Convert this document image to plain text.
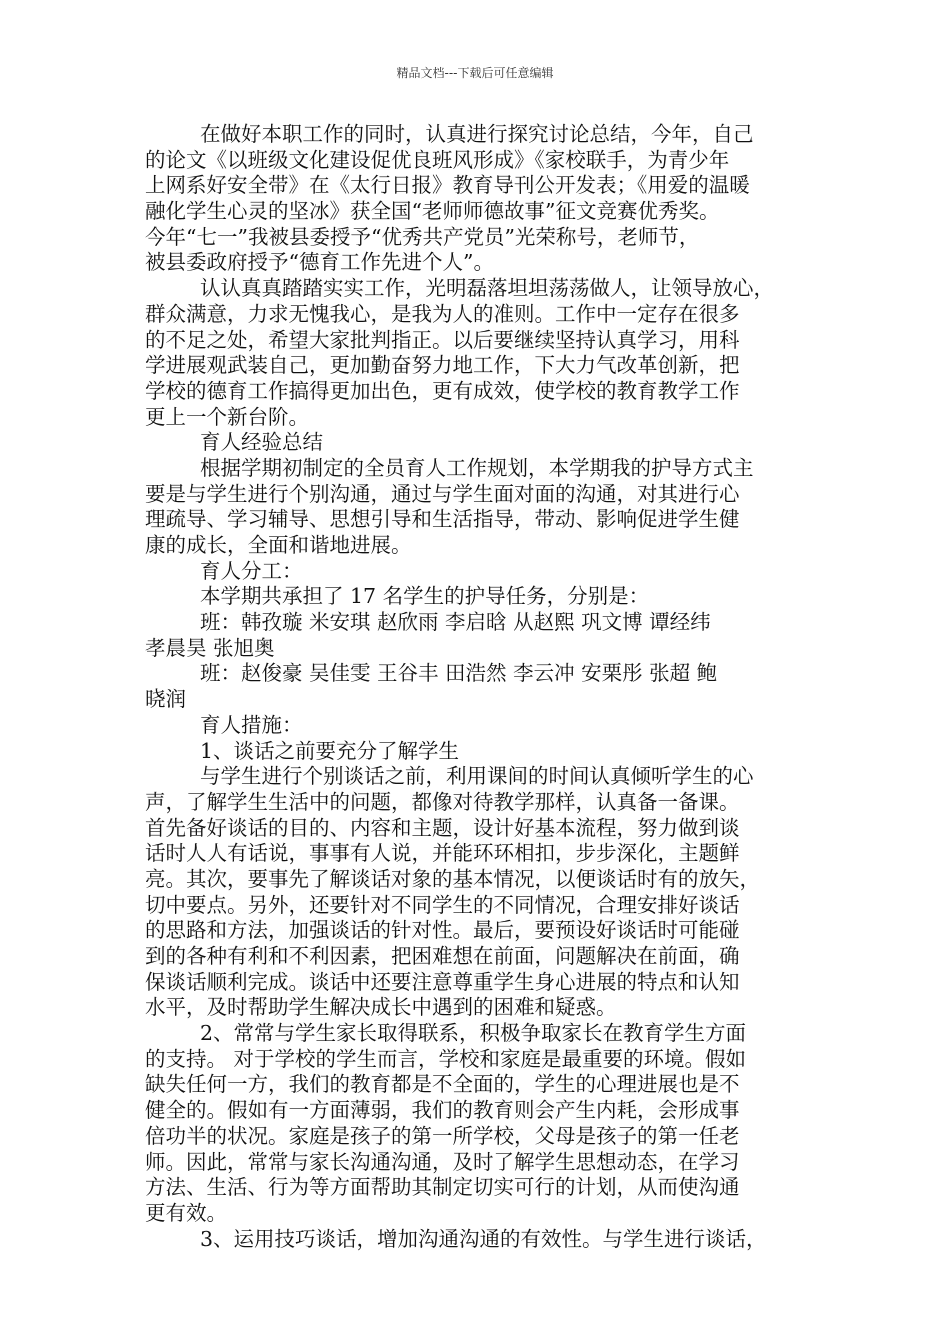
精品文档---下载后可任意编辑
在做好本职工作的同时，认真进行探究讨论总结，今年，自己
的论文《以班级文化建设促优良班风形成》《家校联手，为青少年
上网系好安全带》在《太行日报》教育导刊公开发表；《用爱的温暖
融化学生心灵的坚冰》获全国“老师师德故事”征文竞赛优秀奖。
今年“七一”我被县委授予“优秀共产党员”光荣称号，老师节，
被县委政府授予“德育工作先进个人”。
认认真真踏踏实实工作，光明磊落坦坦荡荡做人，让领导放心，
群众满意，力求无愧我心，是我为人的准则。工作中一定存在很多
的不足之处，希望大家批判指正。以后要继续坚持认真学习，用科
学进展观武装自己，更加勤奋努力地工作，下大力气改革创新，把
学校的德育工作搞得更加出色，更有成效，使学校的教育教学工作
更上一个新台阶。
育人经验总结
根据学期初制定的全员育人工作规划，本学期我的护导方式主
要是与学生进行个别沟通，通过与学生面对面的沟通，对其进行心
理疏导、学习辅导、思想引导和生活指导，带动、影响促进学生健
康的成长，全面和谐地进展。
育人分工：
本学期共承担了 17 名学生的护导任务，分别是：
班：韩孜璇 米安琪 赵欣雨 李启晗 从赵熙 巩文博 谭经纬
孝晨昊 张旭奥
班：赵俊豪 吴佳雯 王谷丰 田浩然 李云冲 安栗彤 张超 鲍
晓润
育人措施：
1、谈话之前要充分了解学生
与学生进行个别谈话之前，利用课间的时间认真倾听学生的心
声，了解学生生活中的问题，都像对待教学那样，认真备一备课。
首先备好谈话的目的、内容和主题，设计好基本流程，努力做到谈
话时人人有话说，事事有人说，并能环环相扣，步步深化，主题鲜
亮。其次，要事先了解谈话对象的基本情况，以便谈话时有的放矢，
切中要点。另外，还要针对不同学生的不同情况，合理安排好谈话
的思路和方法，加强谈话的针对性。最后，要预设好谈话时可能碰
到的各种有利和不利因素，把困难想在前面，问题解决在前面，确
保谈话顺利完成。谈话中还要注意尊重学生身心进展的特点和认知
水平，及时帮助学生解决成长中遇到的困难和疑惑。
2、常常与学生家长取得联系，积极争取家长在教育学生方面
的支持。 对于学校的学生而言，学校和家庭是最重要的环境。假如
缺失任何一方，我们的教育都是不全面的，学生的心理进展也是不
健全的。假如有一方面薄弱，我们的教育则会产生内耗，会形成事
倍功半的状况。家庭是孩子的第一所学校，父母是孩子的第一任老
师。因此，常常与家长沟通沟通，及时了解学生思想动态，在学习
方法、生活、行为等方面帮助其制定切实可行的计划，从而使沟通
更有效。
3、运用技巧谈话，增加沟通沟通的有效性。与学生进行谈话，
